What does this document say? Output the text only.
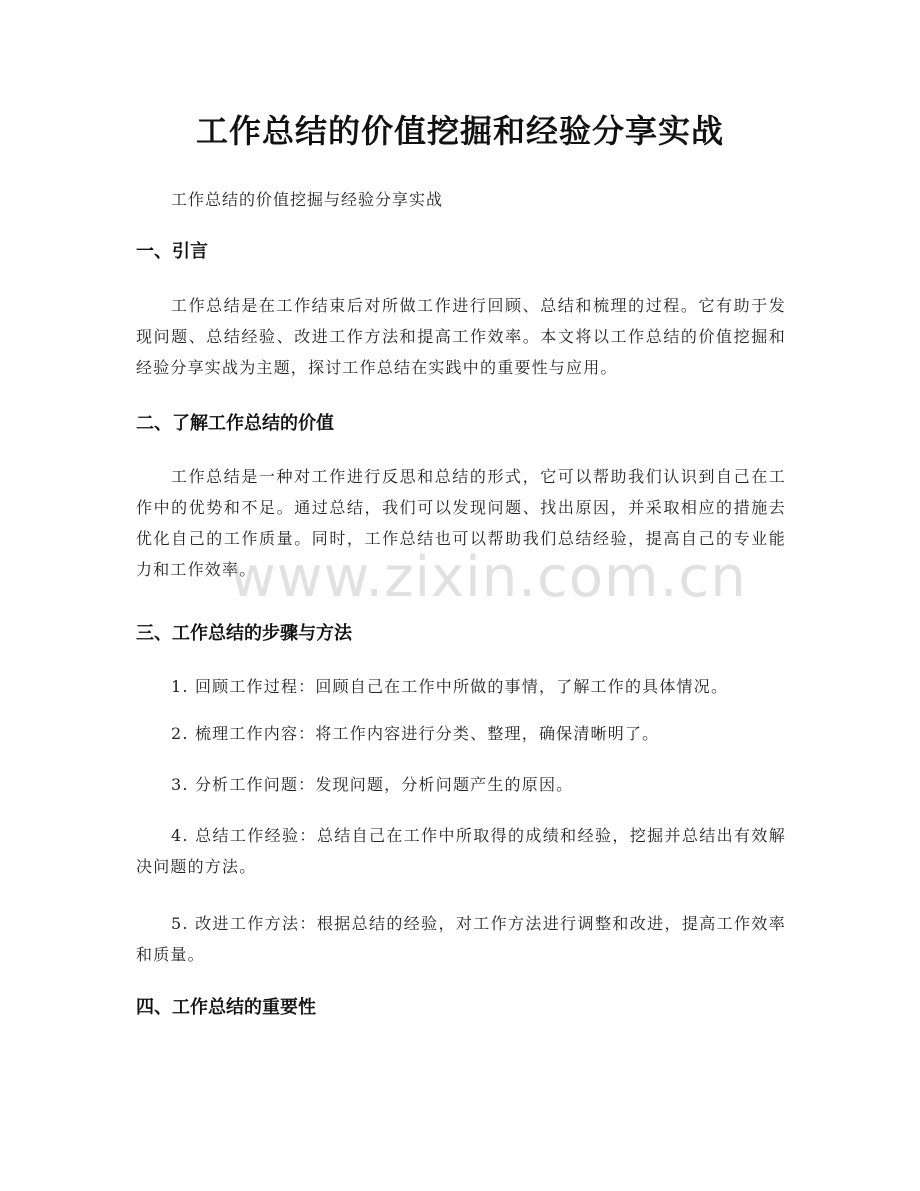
工作总结的价值挖掘和经验分享实战
工作总结的价值挖掘与经验分享实战
一、引言

工作总结是在工作结束后对所做工作进行回顾、总结和梳理的过程。它有助于发现问题、总结经验、改进工作方法和提高工作效率。本文将以工作总结的价值挖掘和经验分享实战为主题，探讨工作总结在实践中的重要性与应用。

二、了解工作总结的价值

工作总结是一种对工作进行反思和总结的形式，它可以帮助我们认识到自己在工作中的优势和不足。通过总结，我们可以发现问题、找出原因，并采取相应的措施去优化自己的工作质量。同时，工作总结也可以帮助我们总结经验，提高自己的专业能力和工作效率。

三、工作总结的步骤与方法

1. 回顾工作过程：回顾自己在工作中所做的事情，了解工作的具体情况。

2. 梳理工作内容：将工作内容进行分类、整理，确保清晰明了。

3. 分析工作问题：发现问题，分析问题产生的原因。

4. 总结工作经验：总结自己在工作中所取得的成绩和经验，挖掘并总结出有效解决问题的方法。

5. 改进工作方法：根据总结的经验，对工作方法进行调整和改进，提高工作效率和质量。

四、工作总结的重要性
www.zixin.com.cn
